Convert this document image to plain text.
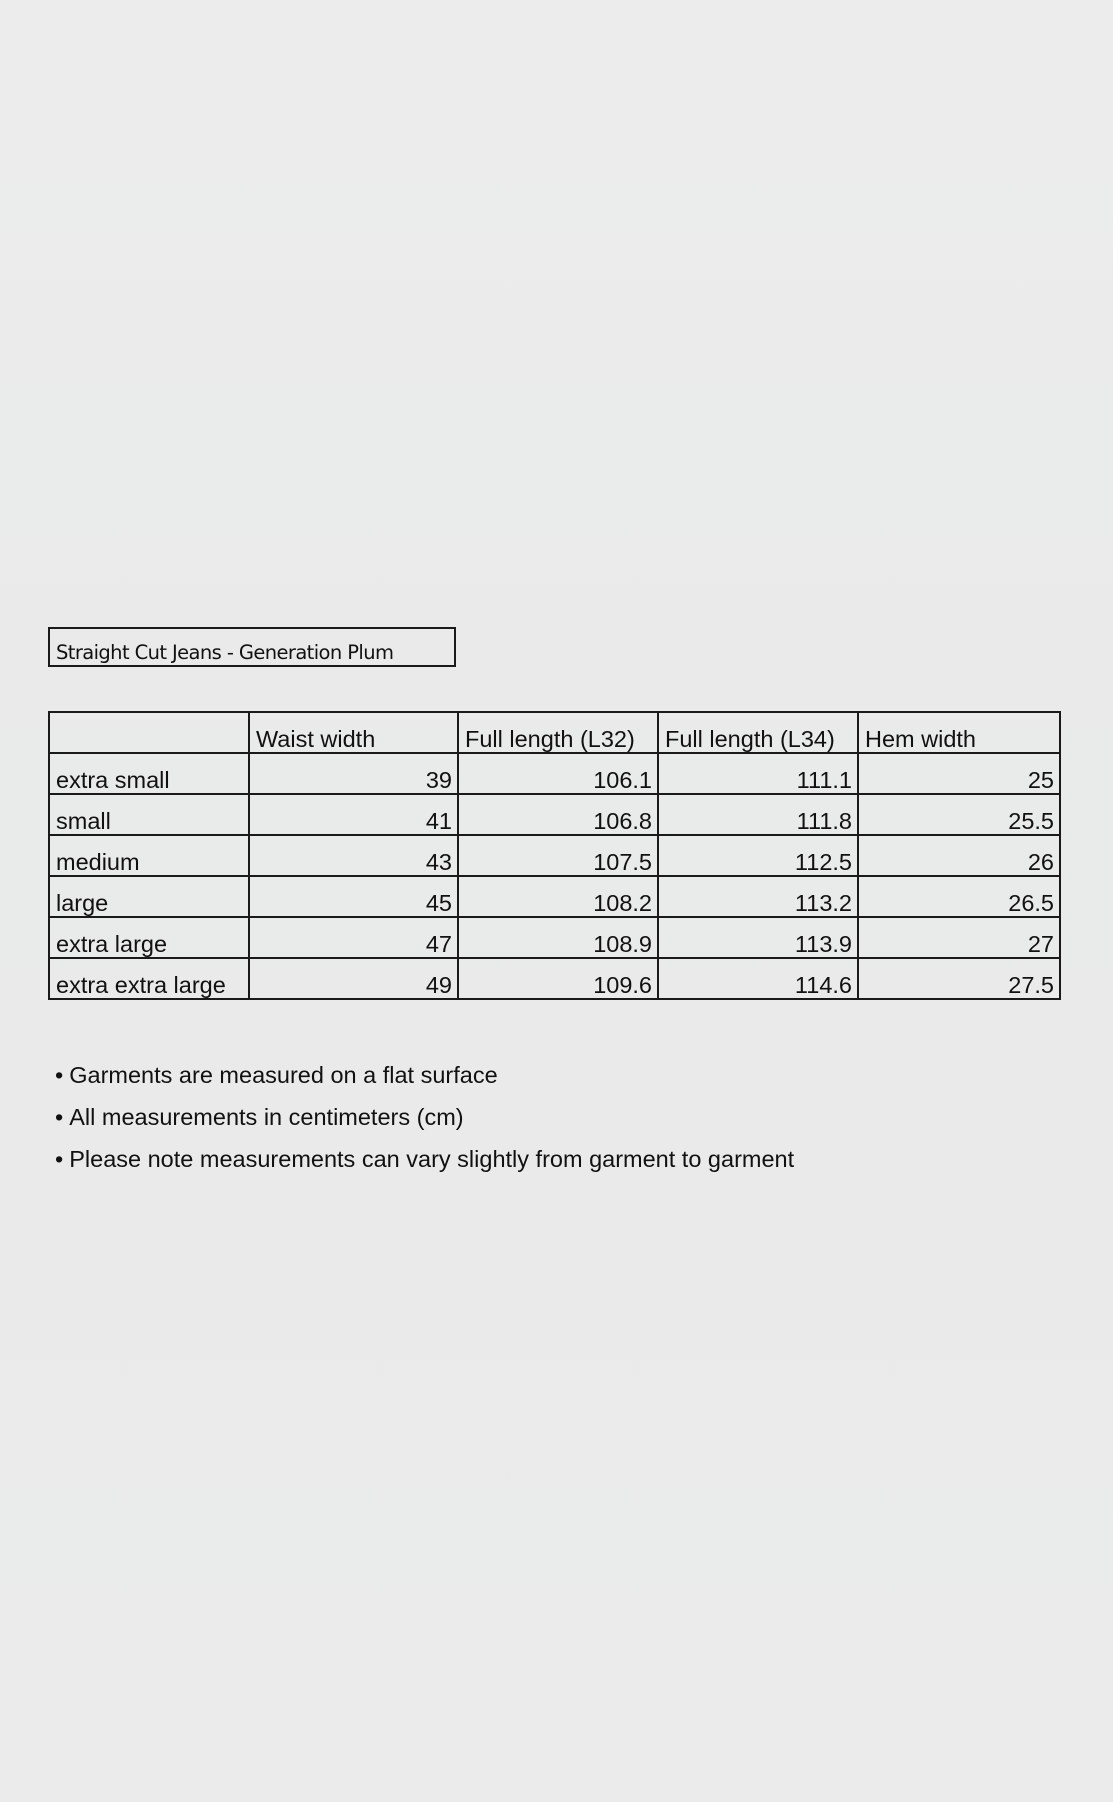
Straight Cut Jeans - Generation Plum
	Waist width	Full length (L32)	Full length (L34)	Hem width
extra small	39	106.1	111.1	25
small	41	106.8	111.8	25.5
medium	43	107.5	112.5	26
large	45	108.2	113.2	26.5
extra large	47	108.9	113.9	27
extra extra large	49	109.6	114.6	27.5
• Garments are measured on a flat surface
• All measurements in centimeters (cm)
• Please note measurements can vary slightly from garment to garment
